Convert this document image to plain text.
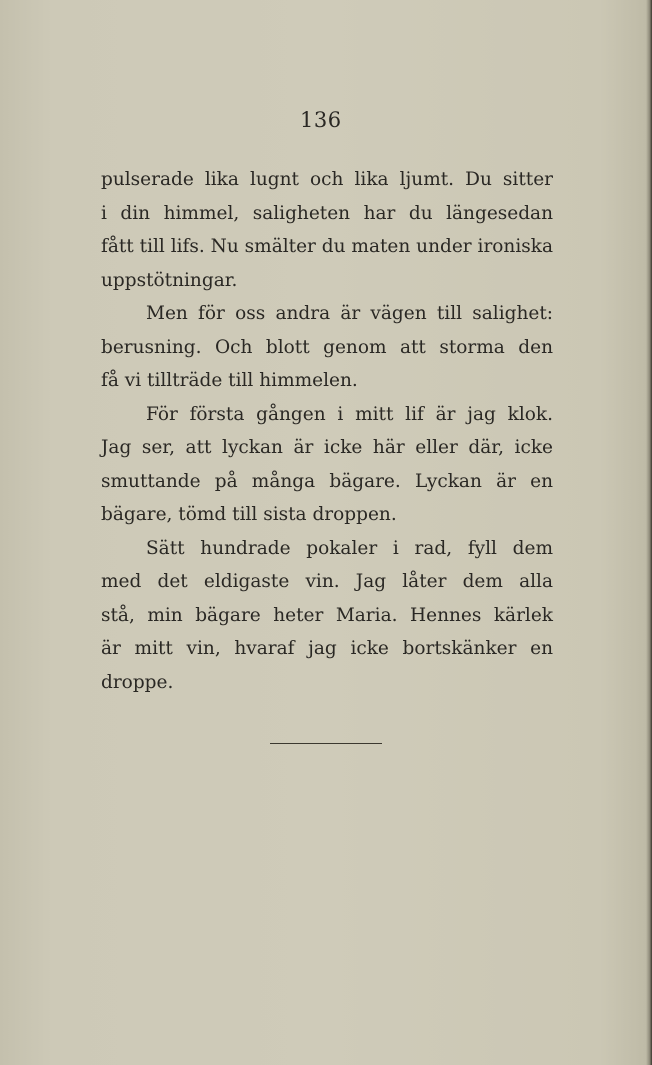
136

pulserade lika lugnt och lika ljumt. Du sitter
i din himmel, saligheten har du längesedan
fått till lifs. Nu smälter du maten under ironiska
uppstötningar.

Men för oss andra är vägen till salighet:
berusning. Och blott genom att storma den
få vi tillträde till himmelen.

För första gången i mitt lif är jag klok.
Jag ser, att lyckan är icke här eller där, icke
smuttande på många bägare. Lyckan är en
bägare, tömd till sista droppen.

Sätt hundrade pokaler i rad, fyll dem
med det eldigaste vin. Jag låter dem alla
stå, min bägare heter Maria. Hennes kärlek
är mitt vin, hvaraf jag icke bortskänker en
droppe.
